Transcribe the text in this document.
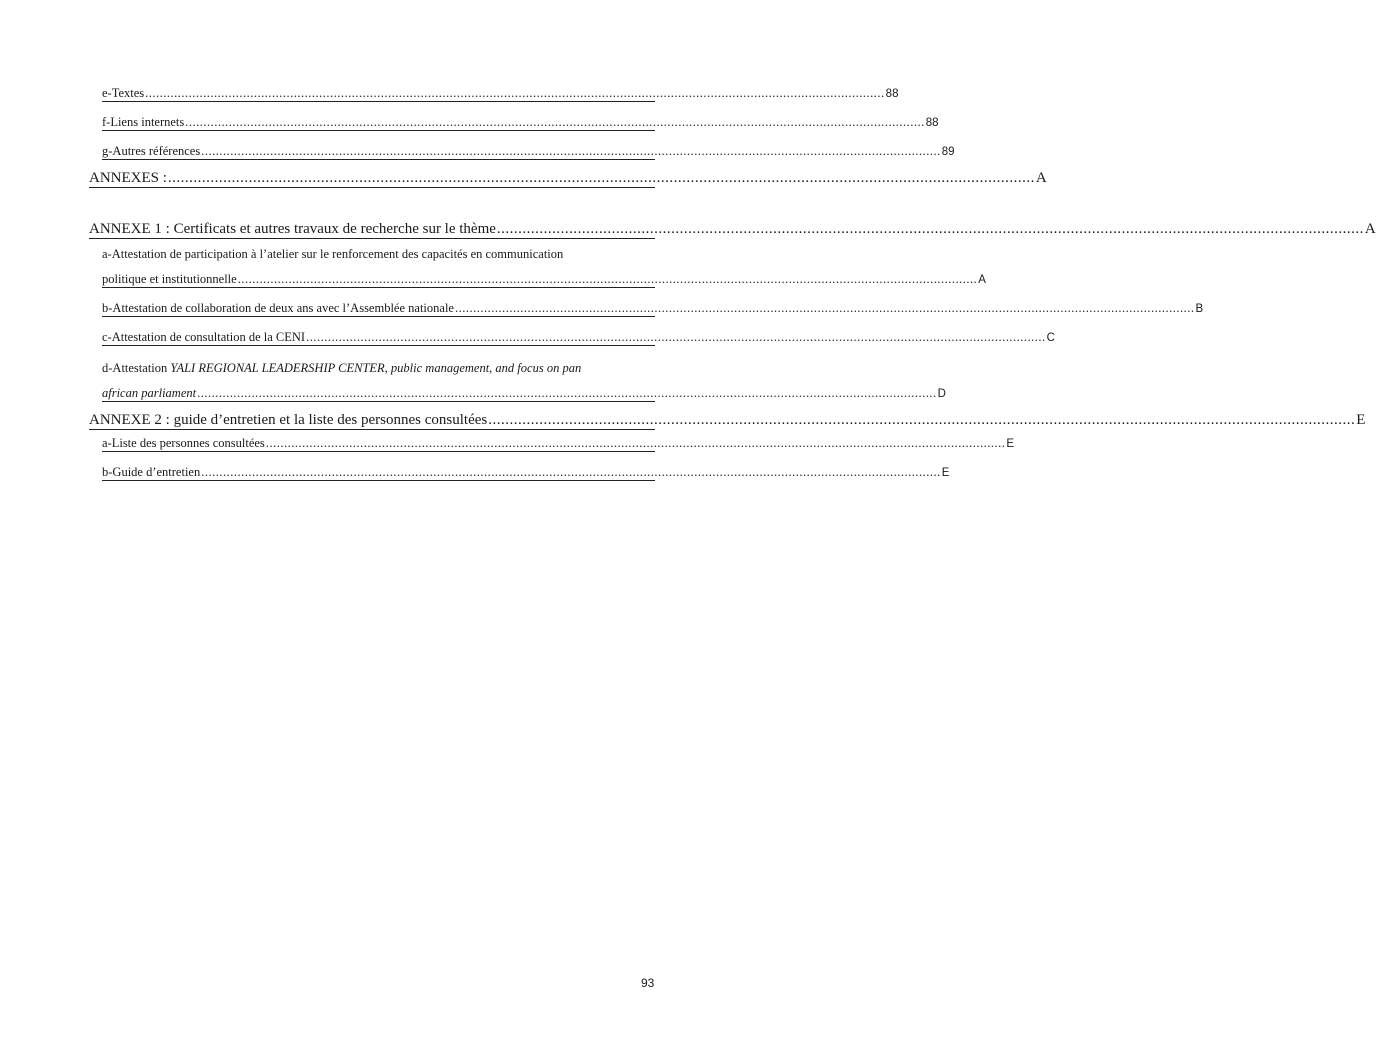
e-Textes ............................................................................................................................................................................................................ 88
f-Liens internets ............................................................................................................................................................................................................ 88
g-Autres références ............................................................................................................................................................................................................ 89
ANNEXES : ............................................................................................................................................................................................................ A
ANNEXE 1 : Certificats et autres travaux de recherche sur le thème ............................................................................................................................................................................................................ A
a-Attestation de participation à l’atelier sur le renforcement des capacités en communication
politique et institutionnelle ............................................................................................................................................................................................................ A
b-Attestation de collaboration de deux ans avec l’Assemblée nationale ............................................................................................................................................................................................................ B
c-Attestation de consultation de la CENI ............................................................................................................................................................................................................ C
d-Attestation YALI REGIONAL LEADERSHIP CENTER, public management, and focus on pan
african parliament ............................................................................................................................................................................................................ D
ANNEXE 2 : guide d’entretien et la liste des personnes consultées ............................................................................................................................................................................................................ E
a-Liste des personnes consultées ............................................................................................................................................................................................................ E
b-Guide d’entretien ............................................................................................................................................................................................................ E
93
